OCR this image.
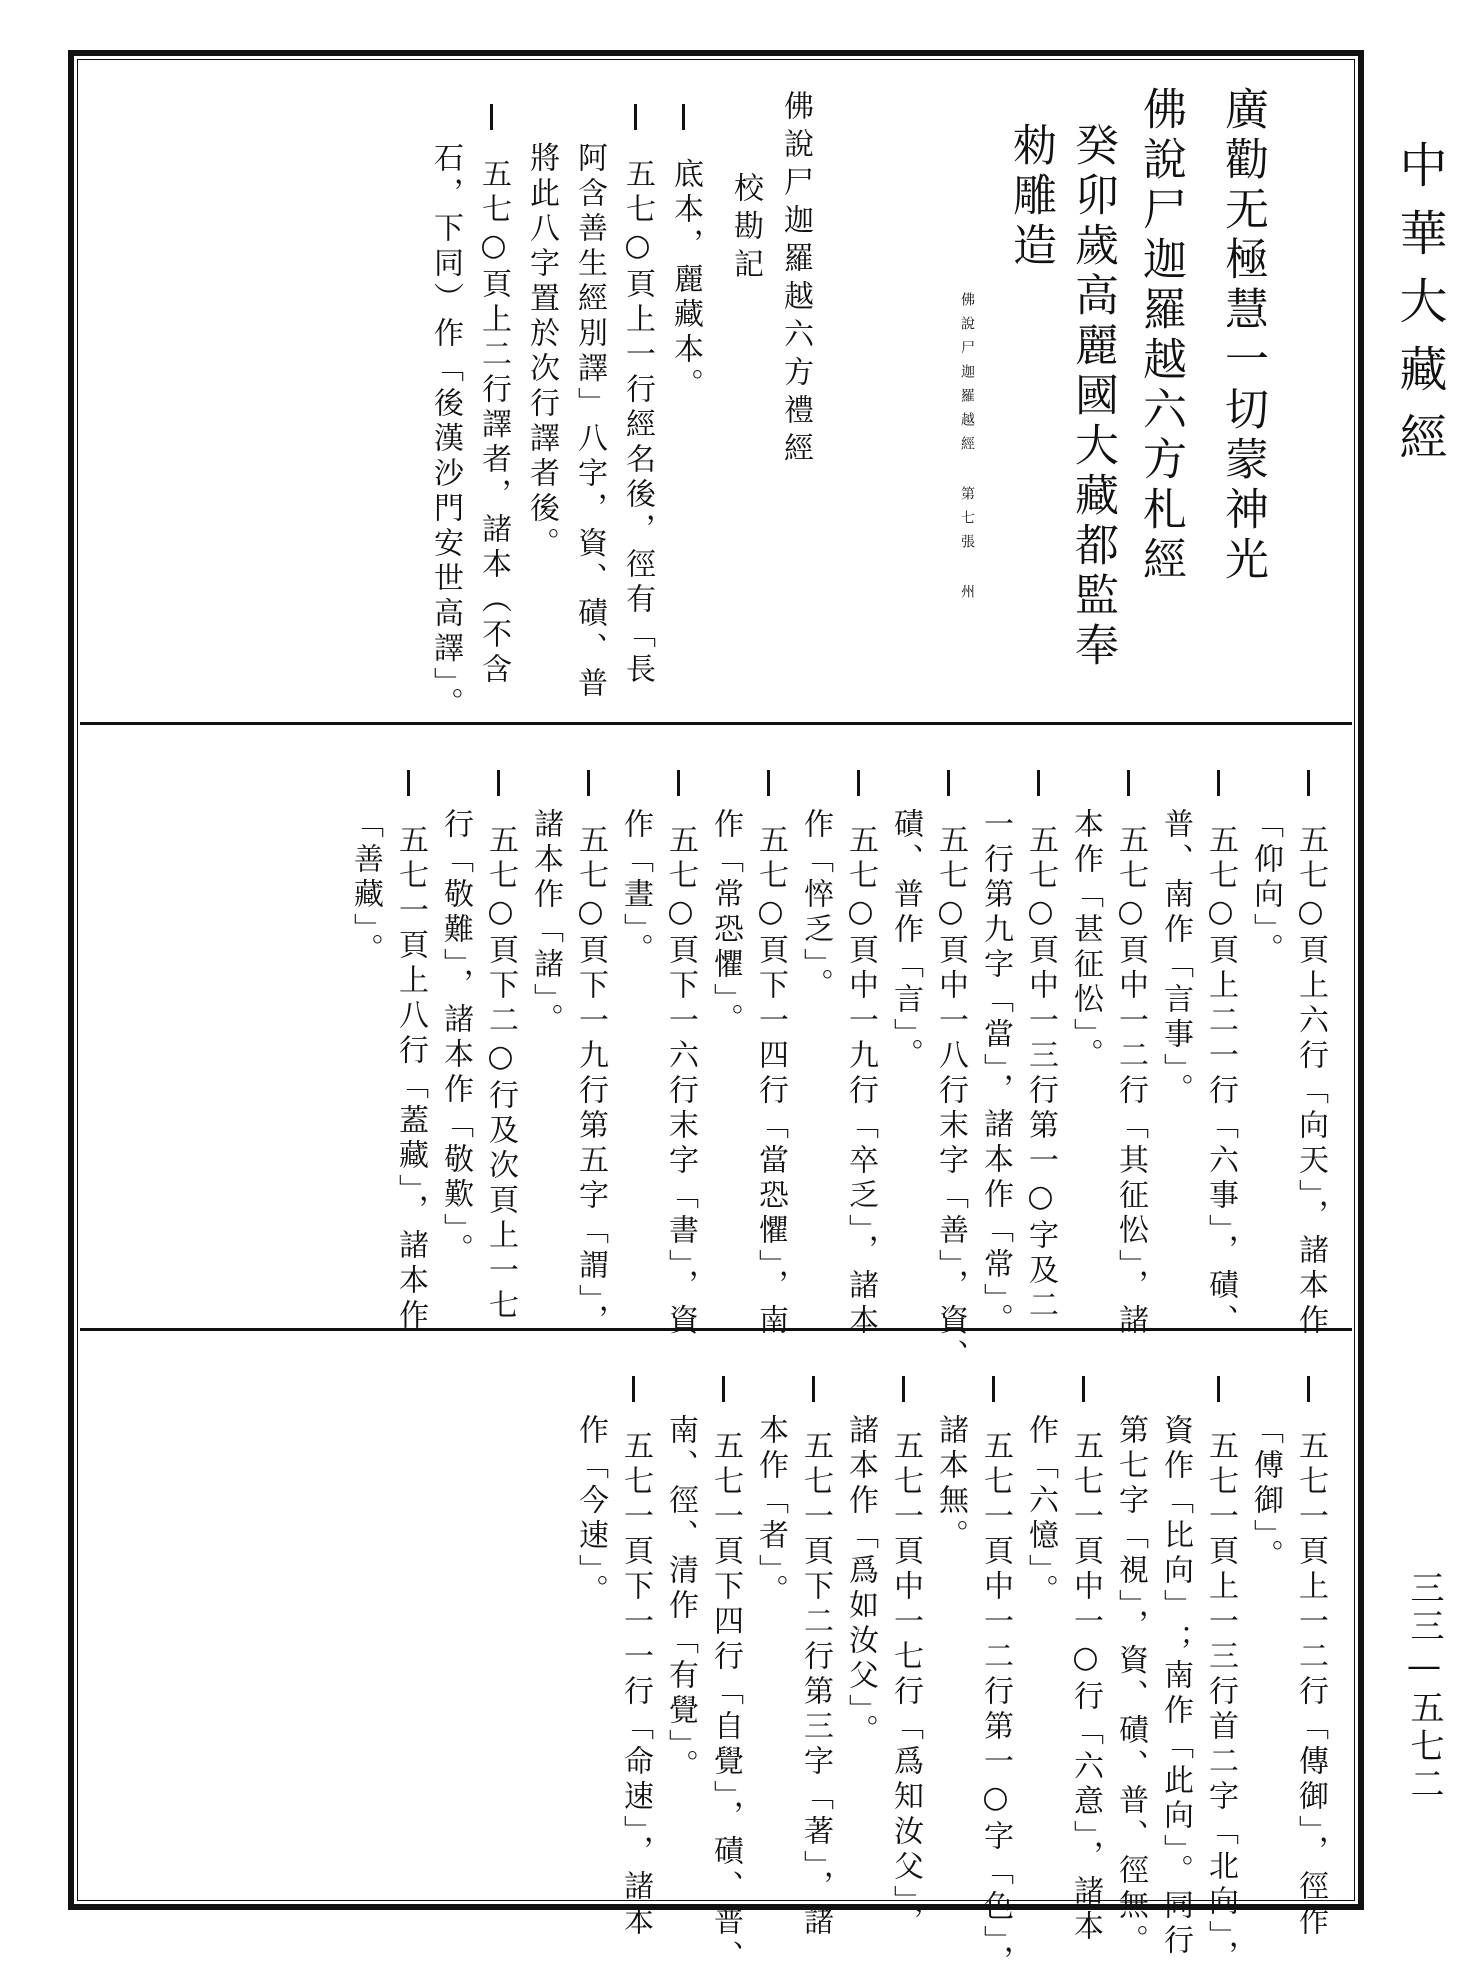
中華大藏經
廣勸无極慧一切蒙神光
佛說尸迦羅越六方札經
癸卯歲高麗國大藏都監奉
勑雕造
佛說尸迦羅越經 第七張 州
佛說尸迦羅越六方禮經
校勘記
底本，麗藏本。
五七○頁上一行經名後，徑有「長
阿含善生經別譯」八字，資、磧、普
將此八字置於次行譯者後。
五七○頁上二行譯者，諸本（不含
石，下同）作「後漢沙門安世高譯」。
五七○頁上六行「向天」，諸本作
「仰向」。
五七○頁上二一行「六事」，磧、
普、南作「言事」。
五七○頁中一二行「其征忪」，諸
本作「甚征忪」。
五七○頁中一三行第一○字及二
一行第九字「當」，諸本作「常」。
五七○頁中一八行末字「善」，資、
磧、普作「言」。
五七○頁中一九行「卒乏」，諸本
作「悴乏」。
五七○頁下一四行「當恐懼」，南
作「常恐懼」。
五七○頁下一六行末字「書」，資
作「晝」。
五七○頁下一九行第五字「謂」，
諸本作「諸」。
五七○頁下二○行及次頁上一七
行「敬難」，諸本作「敬歎」。
五七一頁上八行「蓋藏」，諸本作
「善藏」。
五七一頁上一二行「傳御」，徑作
「傅御」。
五七一頁上一三行首二字「北向」，
資作「比向」；南作「此向」。同行
第七字「視」，資、磧、普、徑無。
五七一頁中一○行「六意」，諸本
作「六憶」。
五七一頁中一二行第一○字「色」，
諸本無。
五七一頁中一七行「爲知汝父」，
諸本作「爲如汝父」。
五七一頁下二行第三字「著」，諸
本作「者」。
五七一頁下四行「自覺」，磧、普、
南、徑、清作「有覺」。
五七一頁下一一行「命速」，諸本
作「今速」。
三三—五七二
